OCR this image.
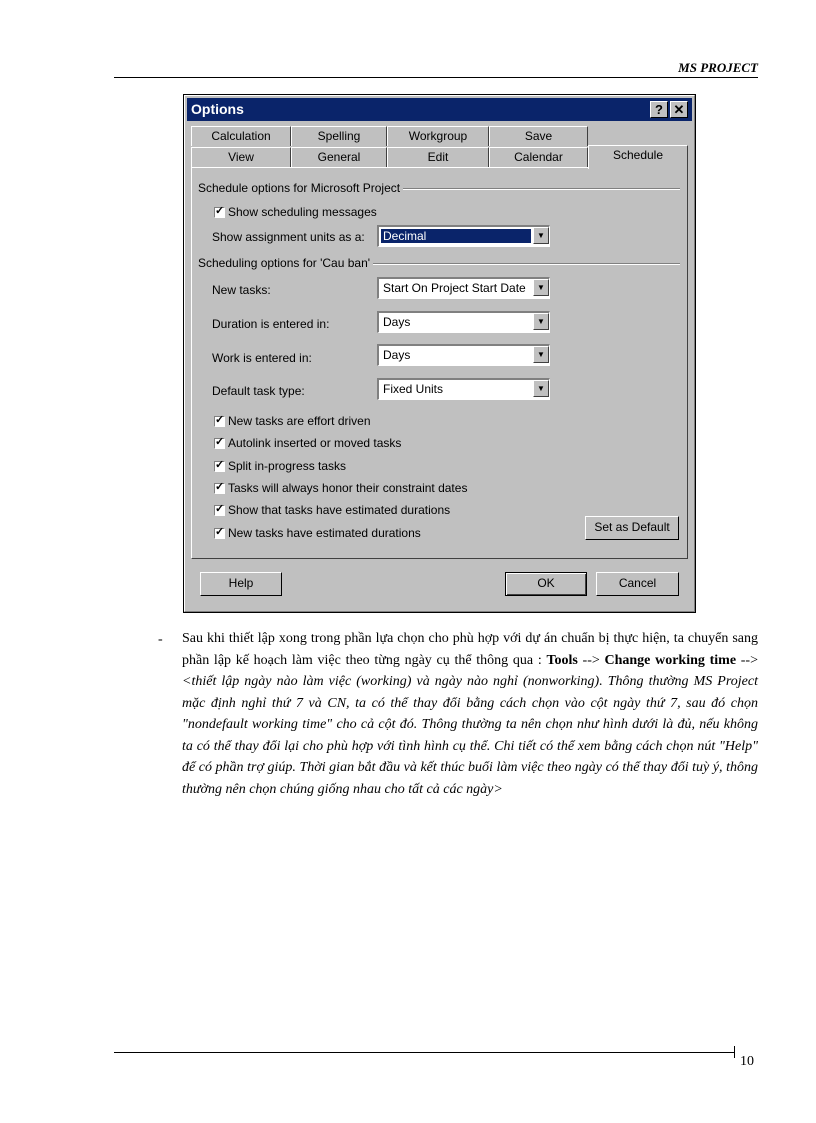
MS PROJECT
Options	? ✕
Calculation	Spelling	Workgroup	Save
View	General	Edit	Calendar	Schedule
Schedule options for Microsoft Project
✓
Show scheduling messages
Show assignment units as a: Decimal	▼
Scheduling options for 'Cau ban'
New tasks:	Start On Project Start Date	▼
Duration is entered in:	Days	▼
Work is entered in:	Days	▼
Default task type:	Fixed Units	▼
✓
New tasks are effort driven
✓
Autolink inserted or moved tasks
✓
Split in-progress tasks
✓
Tasks will always honor their constraint dates
✓
Show that tasks have estimated durations
✓
New tasks have estimated durations	Set as Default
Help	OK	Cancel
- Sau khi thiết lập xong trong phần lựa chọn cho phù hợp với dự án chuẩn bị thực hiện, ta chuyển sang phần lập kế hoạch làm việc theo từng ngày cụ thể thông qua : Tools --> Change working time --> <thiết lập ngày nào làm việc (working) và ngày nào nghỉ (nonworking). Thông thường MS Project mặc định nghỉ thứ 7 và CN, ta có thể thay đổi bằng cách chọn vào cột ngày thứ 7, sau đó chọn "nondefault working time" cho cả cột đó. Thông thường ta nên chọn như hình dưới là đủ, nếu không ta có thể thay đổi lại cho phù hợp với tình hình cụ thể. Chi tiết có thể xem bằng cách chọn nút "Help" để có phần trợ giúp. Thời gian bắt đầu và kết thúc buổi làm việc theo ngày có thể thay đổi tuỳ ý, thông thường nên chọn chúng giống nhau cho tất cả các ngày>
10
